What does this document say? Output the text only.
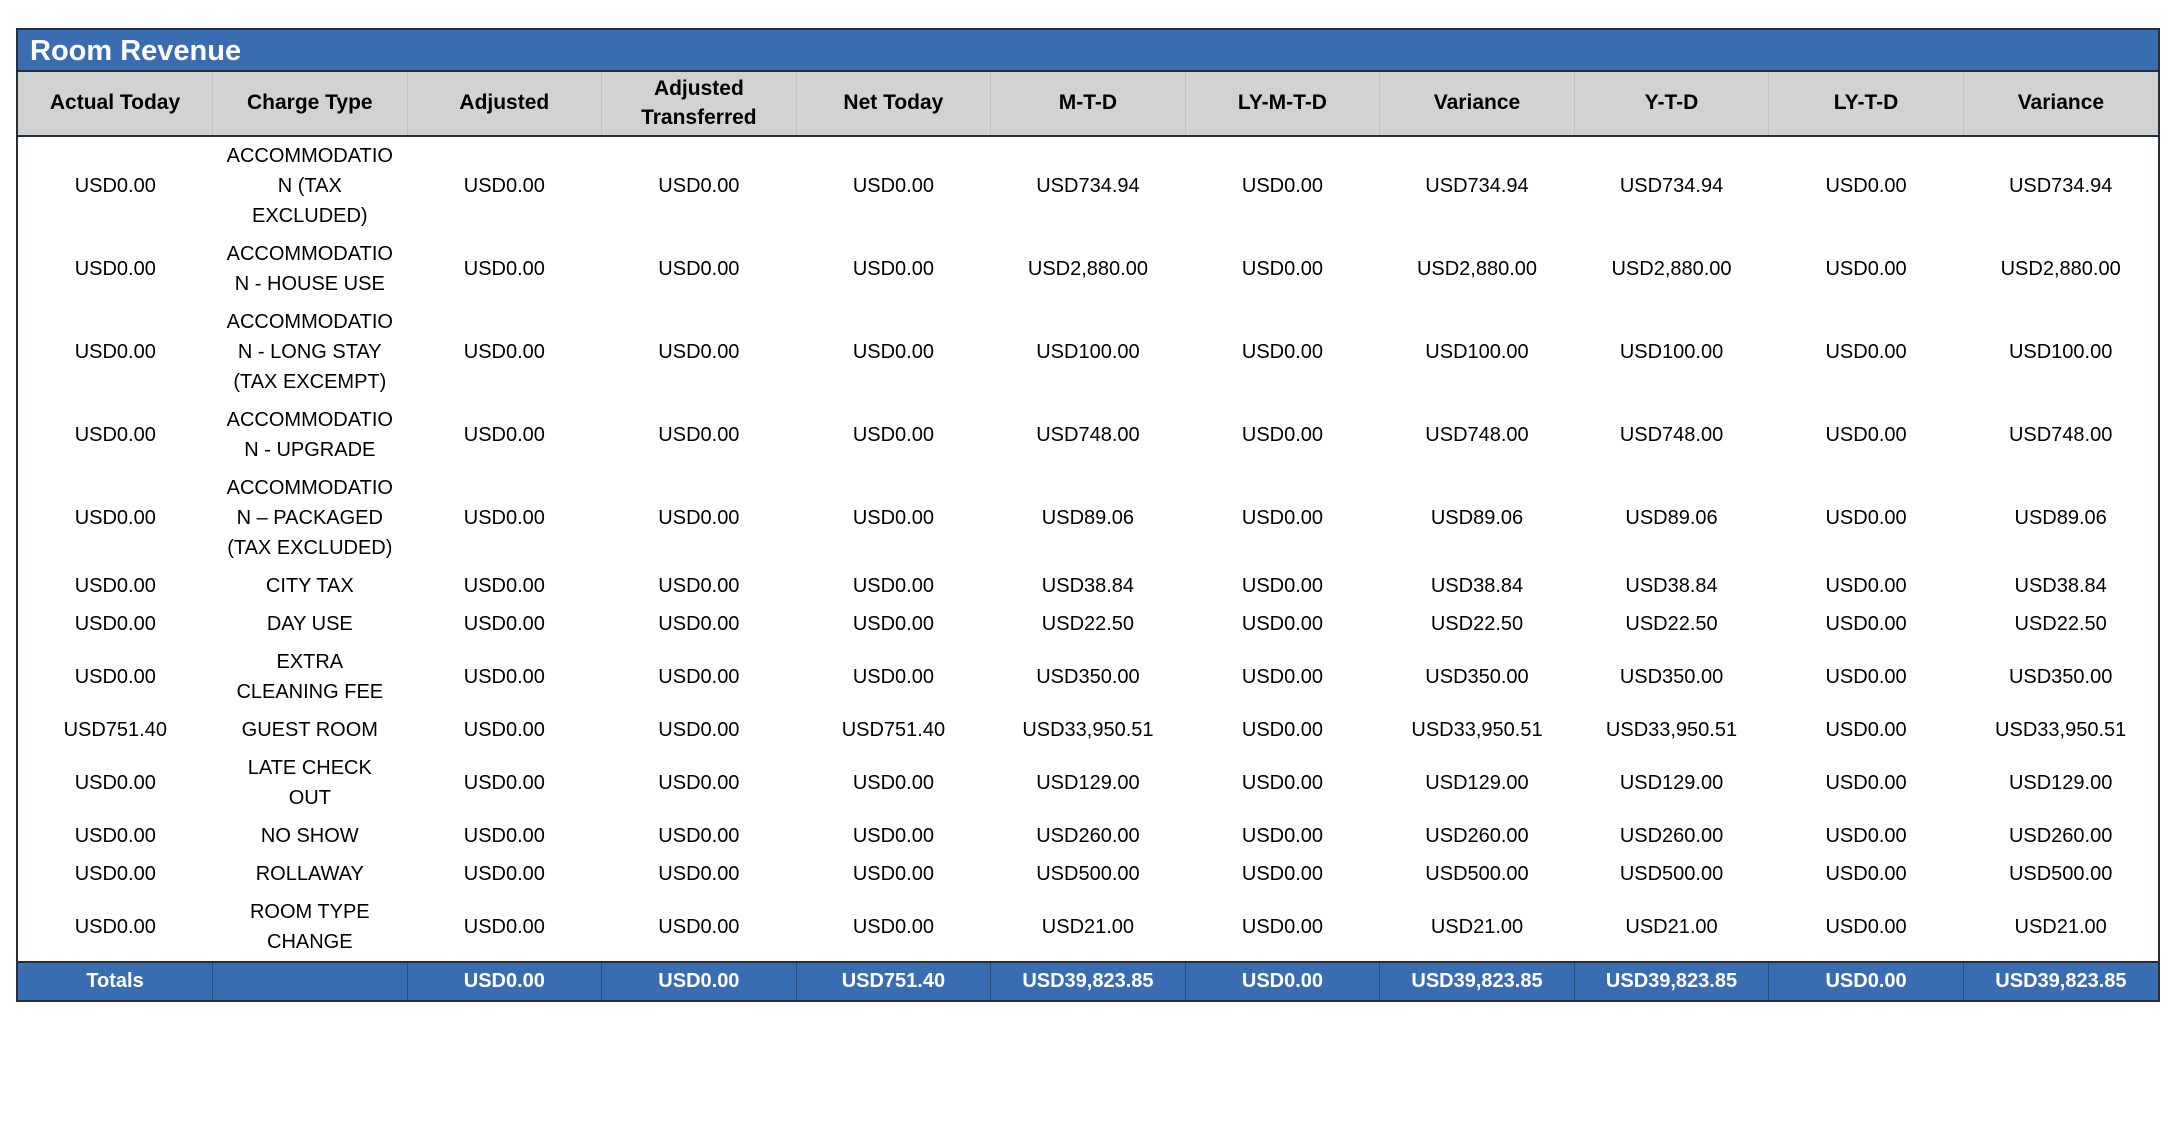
Room Revenue
Actual Today	Charge Type	Adjusted	Adjusted Transferred	Net Today	M-T-D	LY-M-T-D	Variance	Y-T-D	LY-T-D	Variance
USD0.00	ACCOMMODATION (TAX EXCLUDED)	USD0.00	USD0.00	USD0.00	USD734.94	USD0.00	USD734.94	USD734.94	USD0.00	USD734.94
USD0.00	ACCOMMODATION - HOUSE USE	USD0.00	USD0.00	USD0.00	USD2,880.00	USD0.00	USD2,880.00	USD2,880.00	USD0.00	USD2,880.00
USD0.00	ACCOMMODATION - LONG STAY (TAX EXCEMPT)	USD0.00	USD0.00	USD0.00	USD100.00	USD0.00	USD100.00	USD100.00	USD0.00	USD100.00
USD0.00	ACCOMMODATION - UPGRADE	USD0.00	USD0.00	USD0.00	USD748.00	USD0.00	USD748.00	USD748.00	USD0.00	USD748.00
USD0.00	ACCOMMODATION – PACKAGED (TAX EXCLUDED)	USD0.00	USD0.00	USD0.00	USD89.06	USD0.00	USD89.06	USD89.06	USD0.00	USD89.06
USD0.00	CITY TAX	USD0.00	USD0.00	USD0.00	USD38.84	USD0.00	USD38.84	USD38.84	USD0.00	USD38.84
USD0.00	DAY USE	USD0.00	USD0.00	USD0.00	USD22.50	USD0.00	USD22.50	USD22.50	USD0.00	USD22.50
USD0.00	EXTRA CLEANING FEE	USD0.00	USD0.00	USD0.00	USD350.00	USD0.00	USD350.00	USD350.00	USD0.00	USD350.00
USD751.40	GUEST ROOM	USD0.00	USD0.00	USD751.40	USD33,950.51	USD0.00	USD33,950.51	USD33,950.51	USD0.00	USD33,950.51
USD0.00	LATE CHECK OUT	USD0.00	USD0.00	USD0.00	USD129.00	USD0.00	USD129.00	USD129.00	USD0.00	USD129.00
USD0.00	NO SHOW	USD0.00	USD0.00	USD0.00	USD260.00	USD0.00	USD260.00	USD260.00	USD0.00	USD260.00
USD0.00	ROLLAWAY	USD0.00	USD0.00	USD0.00	USD500.00	USD0.00	USD500.00	USD500.00	USD0.00	USD500.00
USD0.00	ROOM TYPE CHANGE	USD0.00	USD0.00	USD0.00	USD21.00	USD0.00	USD21.00	USD21.00	USD0.00	USD21.00
Totals		USD0.00	USD0.00	USD751.40	USD39,823.85	USD0.00	USD39,823.85	USD39,823.85	USD0.00	USD39,823.85
